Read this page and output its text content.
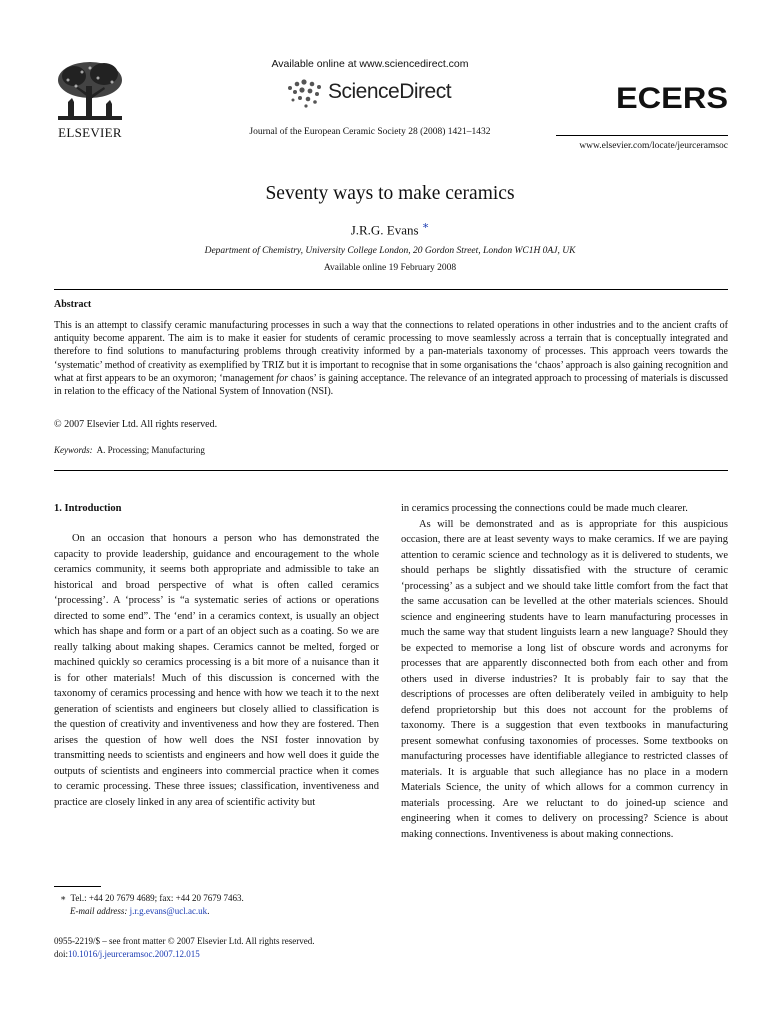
ELSEVIER
Available online at www.sciencedirect.com
ScienceDirect
Journal of the European Ceramic Society 28 (2008) 1421–1432
ECERS
www.elsevier.com/locate/jeurceramsoc
Seventy ways to make ceramics
J.R.G. Evans ∗
Department of Chemistry, University College London, 20 Gordon Street, London WC1H 0AJ, UK
Available online 19 February 2008
Abstract
This is an attempt to classify ceramic manufacturing processes in such a way that the connections to related operations in other industries and to the ancient crafts of antiquity become apparent. The aim is to make it easier for students of ceramic processing to move seamlessly across a terrain that is conceptually integrated and therefore to find solutions to manufacturing problems through creativity informed by a pan-materials taxonomy of processes. This approach veers towards the ‘systematic’ method of creativity as exemplified by TRIZ but it is important to recognise that in some organisations the ‘chaos’ approach is also gaining recognition and what at first appears to be an oxymoron; ‘management for chaos’ is gaining acceptance. The relevance of an integrated approach to processing of materials is discussed in relation to the efficacy of the National System of Innovation (NSI).
© 2007 Elsevier Ltd. All rights reserved.
Keywords: A. Processing; Manufacturing
1. Introduction

On an occasion that honours a person who has demonstrated the capacity to provide leadership, guidance and encouragement to the whole ceramics community, it seems both appropriate and admissible to take an historical and broad perspective of what is often called ceramics ‘processing’. A ‘process’ is “a systematic series of actions or operations directed to some end”. The ‘end’ in a ceramics context, is usually an object which has shape and form or a part of an object such as a coating. So we are really talking about making shapes. Ceramics cannot be melted, forged or machined quickly so ceramics processing is a bit more of a nuisance than it is for other materials! Much of this discussion is concerned with the taxonomy of ceramics processing and hence with how we teach it to the next generation of scientists and engineers but closely allied to classification is the question of creativity and inventiveness and how they are fostered. Then arises the question of how well does the NSI foster innovation by transmitting needs to scientists and engineers and how well does it guide the outputs of scientists and engineers into commercial practice when it comes to ceramic processing. These three issues; classification, inventiveness and practice are closely linked in any area of scientific activity but

in ceramics processing the connections could be made much clearer.

As will be demonstrated and as is appropriate for this auspicious occasion, there are at least seventy ways to make ceramics. If we are paying attention to ceramic science and technology as it is delivered to students, we should perhaps be slightly dissatisfied with the structure of ceramic ‘processing’ as a subject and we should take little comfort from the fact that the same accusation can be levelled at the other materials sciences. Should science and engineering students have to learn manufacturing processes in much the same way that student linguists learn a new language? Should they be expected to memorise a long list of obscure words and acronyms for processes that are apparently disconnected both from each other and from others used in diverse industries? It is probably fair to say that the descriptions of processes are often deliberately veiled in ambiguity to help defend proprietorship but this does not account for the problems of taxonomy. There is a suggestion that even textbooks in manufacturing present somewhat confusing taxonomies of processes. Some textbooks on manufacturing processes have identifiable allegiance to restricted classes of materials. It is arguable that such allegiance has no place in a modern Materials Science, the unity of which allows for a common currency in materials processing. Are we reluctant to do joined-up science and engineering when it comes to delivery on processing? Science is about making connections. Inventiveness is about making connections.

∗ Tel.: +44 20 7679 4689; fax: +44 20 7679 7463.
E-mail address: j.r.g.evans@ucl.ac.uk.
0955-2219/$ – see front matter © 2007 Elsevier Ltd. All rights reserved.
doi:10.1016/j.jeurceramsoc.2007.12.015
